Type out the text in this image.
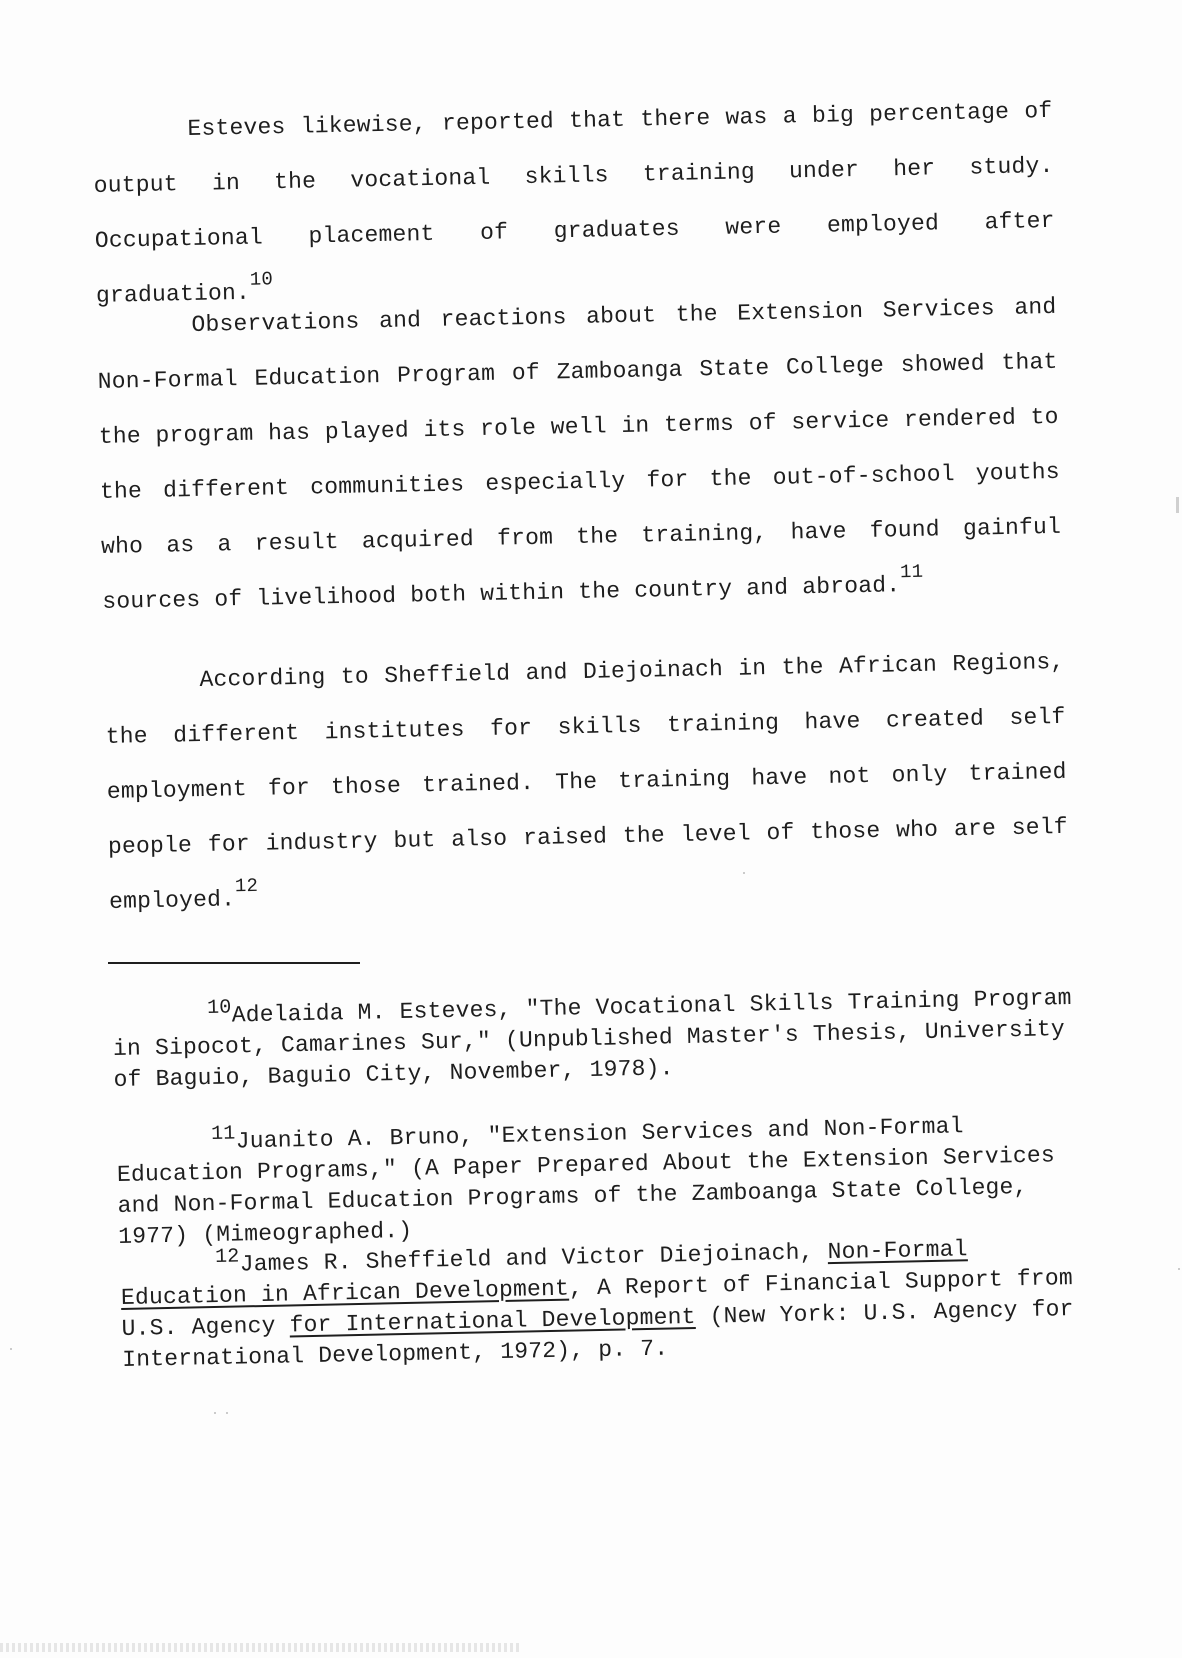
Esteves likewise, reported that there was a big percentage of output in the vocational skills training under her study. Occupational placement of graduates were employed after graduation.$^{10}$

Observations and reactions about the Extension Services and Non-Formal Education Program of Zamboanga State College showed that the program has played its role well in terms of service rendered to the different communities especially for the out-of-school youths who as a result acquired from the training, have found gainful sources of livelihood both within the country and abroad.$^{11}$

According to Sheffield and Diejoinach in the African Regions, the different institutes for skills training have created self employment for those trained. The training have not only trained people for industry but also raised the level of those who are self employed.$^{12}$

$^{10}$Adelaida M. Esteves, "The Vocational Skills Training Program in Sipocot, Camarines Sur," (Unpublished Master's Thesis, University of Baguio, Baguio City, November, 1978).

$^{11}$Juanito A. Bruno, "Extension Services and Non-Formal Education Programs," (A Paper Prepared About the Extension Services and Non-Formal Education Programs of the Zamboanga State College, 1977) (Mimeographed.)

$^{12}$James R. Sheffield and Victor Diejoinach, Non-Formal Education in African Development, A Report of Financial Support from U.S. Agency for International Development (New York: U.S. Agency for International Development, 1972), p. 7.
